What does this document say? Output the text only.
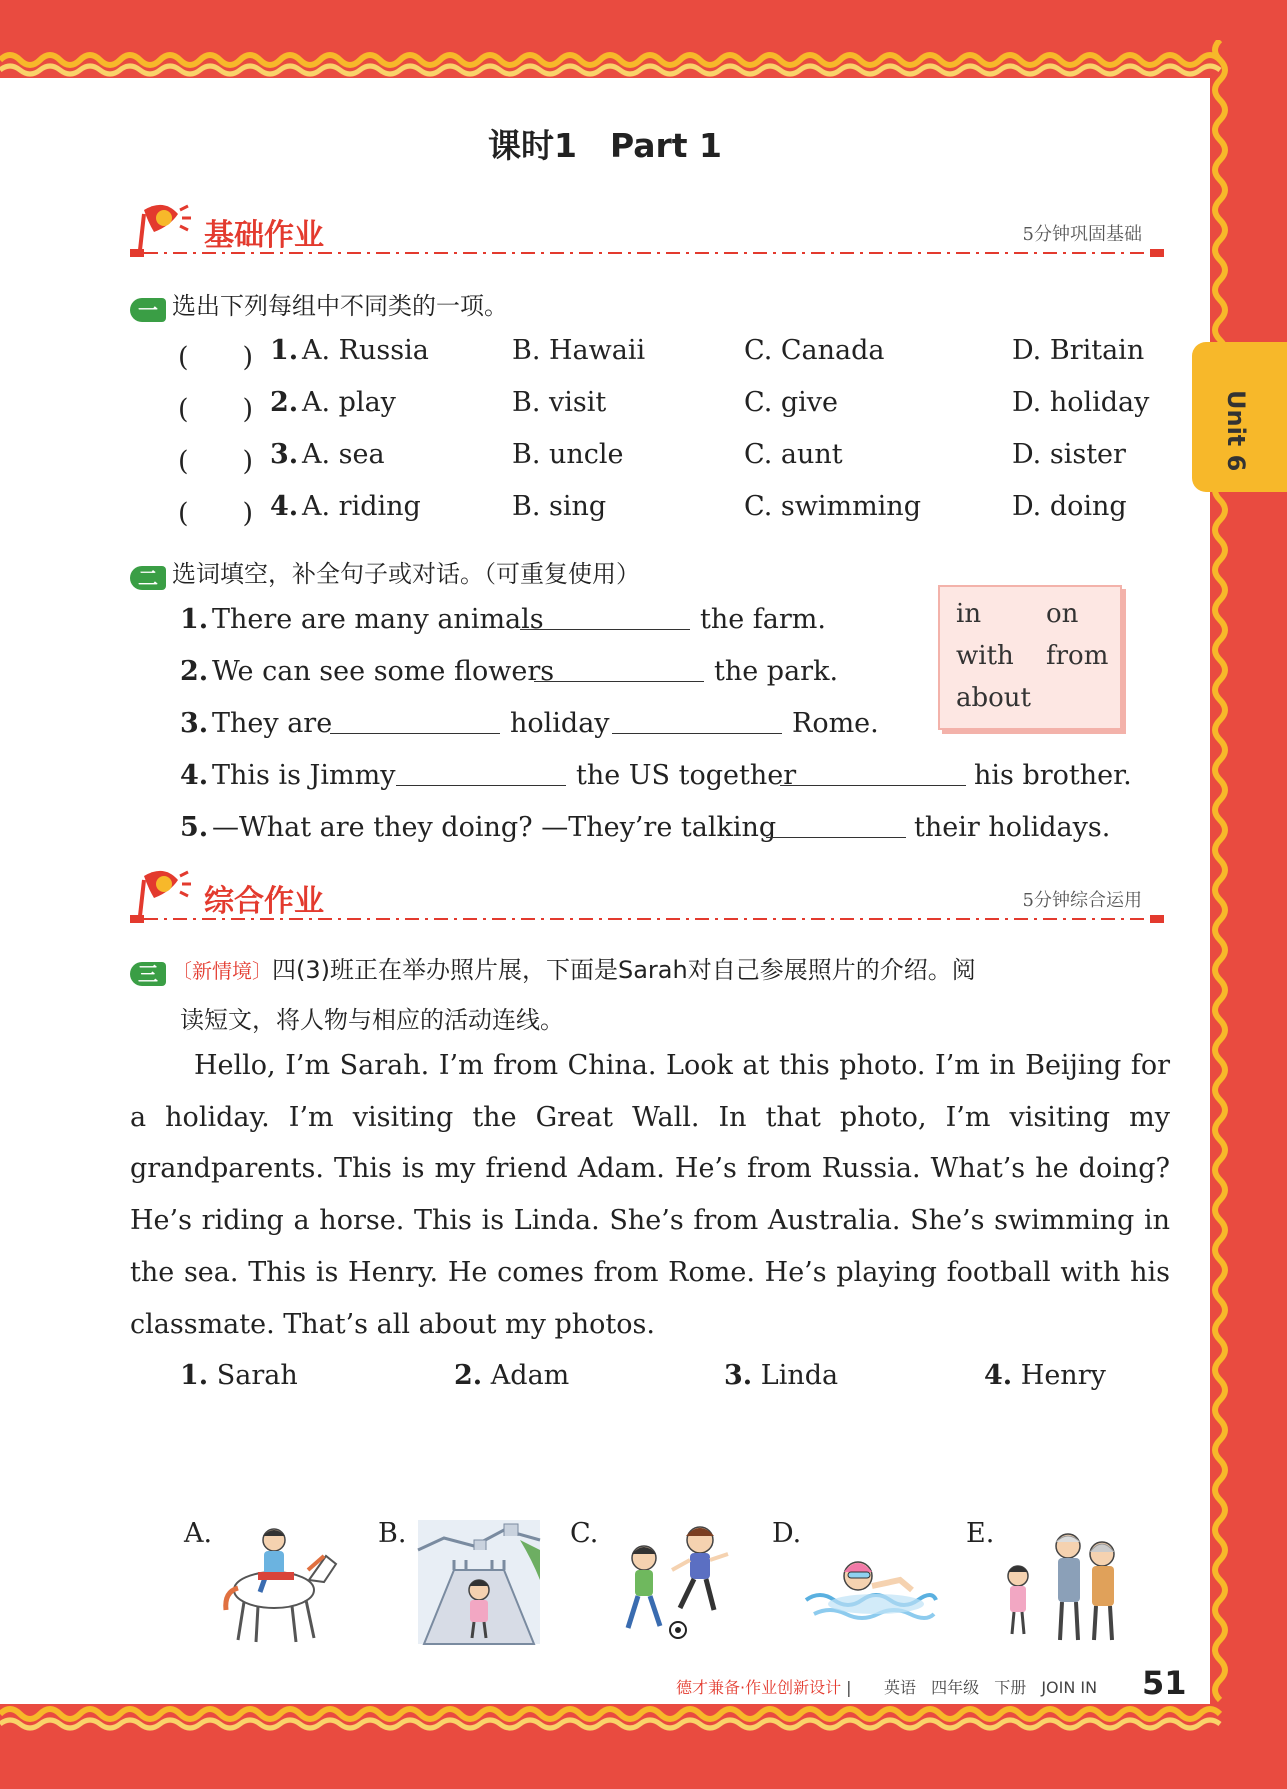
Unit 6
课时1　Part 1
基础作业	5分钟巩固基础
一 选出下列每组中不同类的一项。
(　　) 1. A. Russia	B. Hawaii	C. Canada	D. Britain
(　　) 2. A. play	B. visit	C. give	D. holiday
(　　) 3. A. sea	B. uncle	C. aunt	D. sister
(　　) 4. A. riding	B. sing	C. swimming	D. doing
二 选词填空，补全句子或对话。（可重复使用）
in on
with from
about
1. There are many animals	the farm.
2. We can see some flowers	the park.
3. They are	holiday	Rome.
4. This is Jimmy	the US together	his brother.
5. —What are they doing? —They’re talking	their holidays.
综合作业	5分钟综合运用
三 〔新情境〕四(3)班正在举办照片展，下面是Sarah对自己参展照片的介绍。阅
读短文，将人物与相应的活动连线。
Hello, I’m Sarah. I’m from China. Look at this photo. I’m in Beijing for a holiday. I’m visiting the Great Wall. In that photo, I’m visiting my grandparents. This is my friend Adam. He’s from Russia. What’s he doing? He’s riding a horse. This is Linda. She’s from Australia. She’s swimming in the sea. This is Henry. He comes from Rome. He’s playing football with his classmate. That’s all about my photos.
1. Sarah	2. Adam	3. Linda	4. Henry
A.	B.	C.	D.	E.
德才兼备·作业创新设计 | 英语 四年级 下册 JOIN IN	51
